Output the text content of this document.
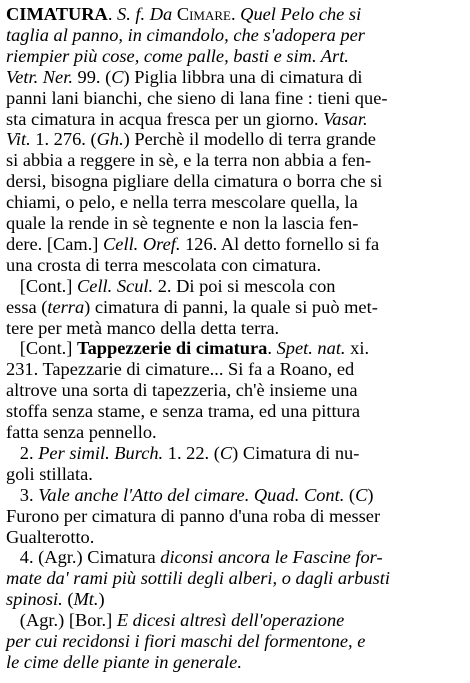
CIMATURA. S. f. Da Cimare. Quel Pelo che si
taglia al panno, in cimandolo, che s'adopera per
riempier più cose, come palle, basti e sim. Art.
Vetr. Ner. 99. (C) Piglia libbra una di cimatura di
panni lani bianchi, che sieno di lana fine : tieni que-
sta cimatura in acqua fresca per un giorno. Vasar.
Vit. 1. 276. (Gh.) Perchè il modello di terra grande
si abbia a reggere in sè, e la terra non abbia a fen-
dersi, bisogna pigliare della cimatura o borra che si
chiami, o pelo, e nella terra mescolare quella, la
quale la rende in sè tegnente e non la lascia fen-
dere. [Cam.] Cell. Oref. 126. Al detto fornello si fa
una crosta di terra mescolata con cimatura.
[Cont.] Cell. Scul. 2. Di poi si mescola con
essa (terra) cimatura di panni, la quale si può met-
tere per metà manco della detta terra.
[Cont.] Tappezzerie di cimatura. Spet. nat. xi.
231. Tapezzarie di cimature... Si fa a Roano, ed
altrove una sorta di tapezzeria, ch'è insieme una
stoffa senza stame, e senza trama, ed una pittura
fatta senza pennello.
2. Per simil. Burch. 1. 22. (C) Cimatura di nu-
goli stillata.
3. Vale anche l'Atto del cimare. Quad. Cont. (C)
Furono per cimatura di panno d'una roba di messer
Gualterotto.
4. (Agr.) Cimatura diconsi ancora le Fascine for-
mate da' rami più sottili degli alberi, o dagli arbusti
spinosi. (Mt.)
(Agr.) [Bor.] E dicesi altresì dell'operazione
per cui recidonsi i fiori maschi del formentone, e
le cime delle piante in generale.
